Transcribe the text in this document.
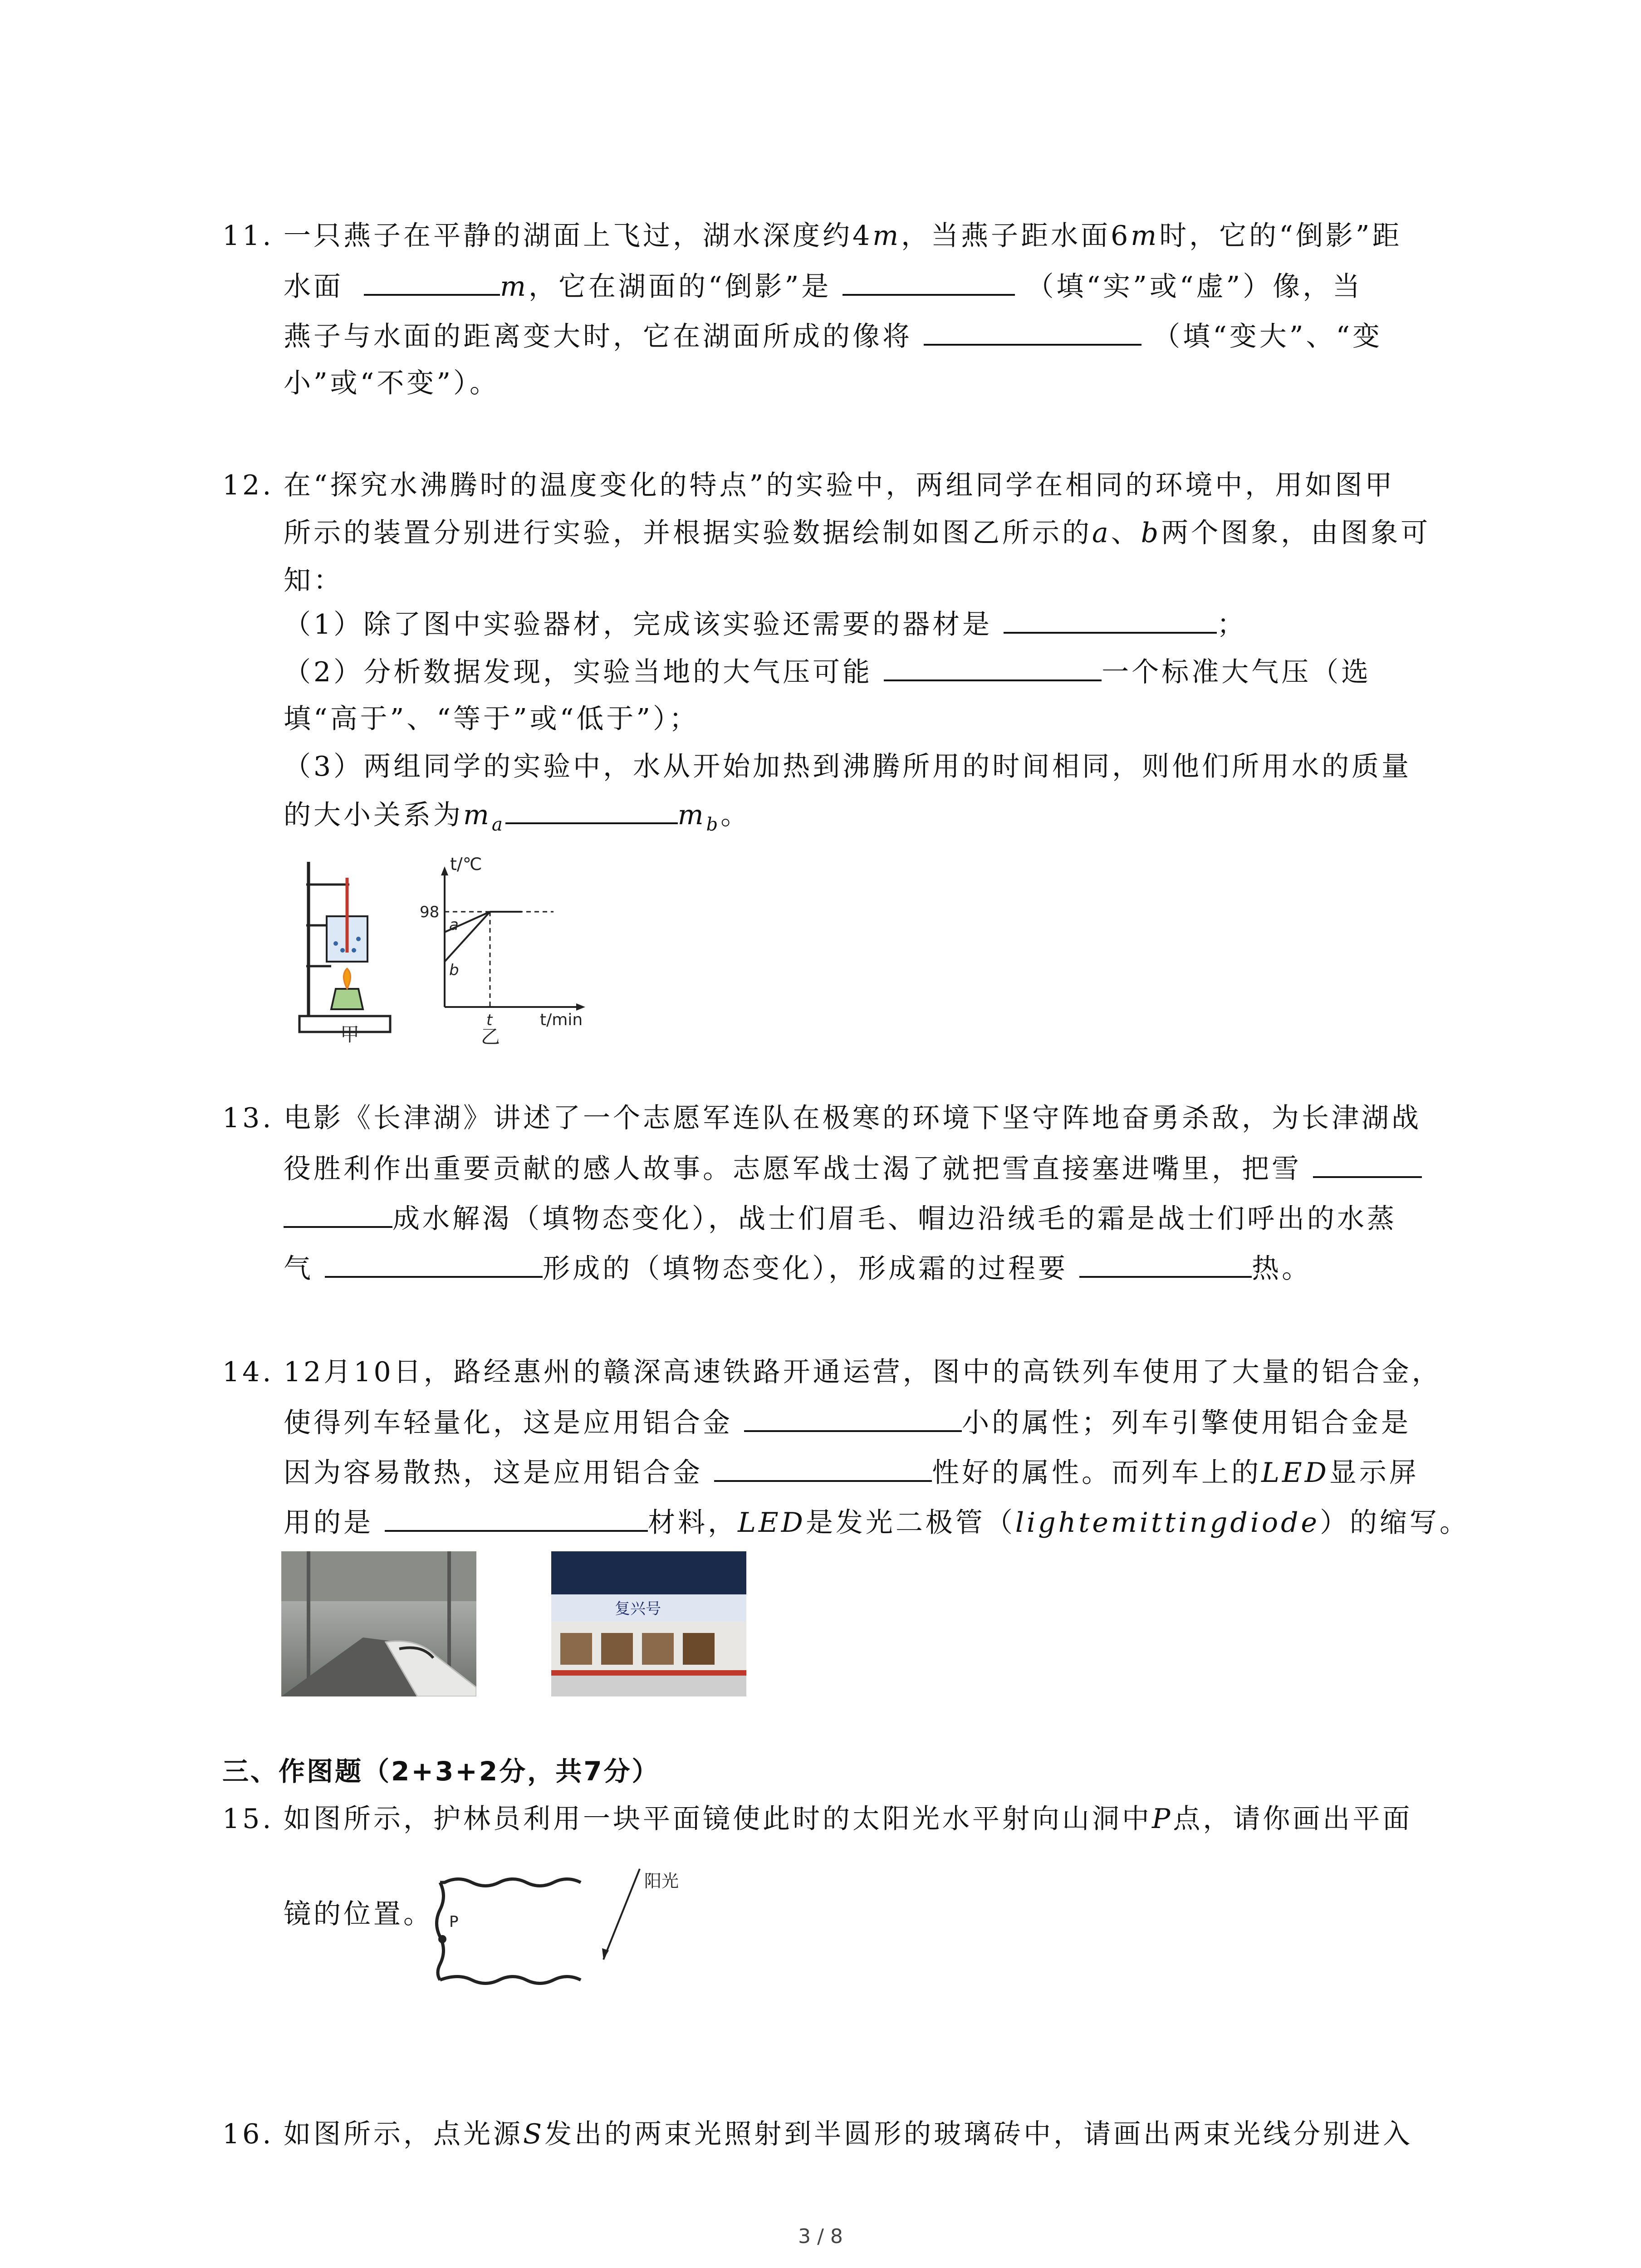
11. 一只燕子在平静的湖面上飞过，湖水深度约4m，当燕子距水面6m时，它的“倒影”距
水面	m，它在湖面的“倒影”是	（填“实”或“虚”）像，当
燕子与水面的距离变大时，它在湖面所成的像将	（填“变大”、“变
小”或“不变”）。
12. 在“探究水沸腾时的温度变化的特点”的实验中，两组同学在相同的环境中，用如图甲
所示的装置分别进行实验，并根据实验数据绘制如图乙所示的a、b两个图象，由图象可
知：
（1）除了图中实验器材，完成该实验还需要的器材是	；
（2）分析数据发现，实验当地的大气压可能	一个标准大气压（选
填“高于”、“等于”或“低于”）；
（3）两组同学的实验中，水从开始加热到沸腾所用的时间相同，则他们所用水的质量
的大小关系为$m_a$	$m_b$。
甲
t/℃
98
a
b
t	t/min
乙
13. 电影《长津湖》讲述了一个志愿军连队在极寒的环境下坚守阵地奋勇杀敌，为长津湖战
役胜利作出重要贡献的感人故事。志愿军战士渴了就把雪直接塞进嘴里，把雪
成水解渴（填物态变化），战士们眉毛、帽边沿绒毛的霜是战士们呼出的水蒸
气	形成的（填物态变化），形成霜的过程要	热。
14. 12月10日，路经惠州的赣深高速铁路开通运营，图中的高铁列车使用了大量的铝合金，
使得列车轻量化，这是应用铝合金	小的属性；列车引擎使用铝合金是
因为容易散热，这是应用铝合金	性好的属性。而列车上的LED显示屏
用的是	材料，LED是发光二极管（lightemittingdiode）的缩写。
复兴号
三、作图题（2+3+2分，共7分）
15. 如图所示，护林员利用一块平面镜使此时的太阳光水平射向山洞中P点，请你画出平面
镜的位置。 P
阳光
16. 如图所示，点光源S发出的两束光照射到半圆形的玻璃砖中，请画出两束光线分别进入
3 / 8
